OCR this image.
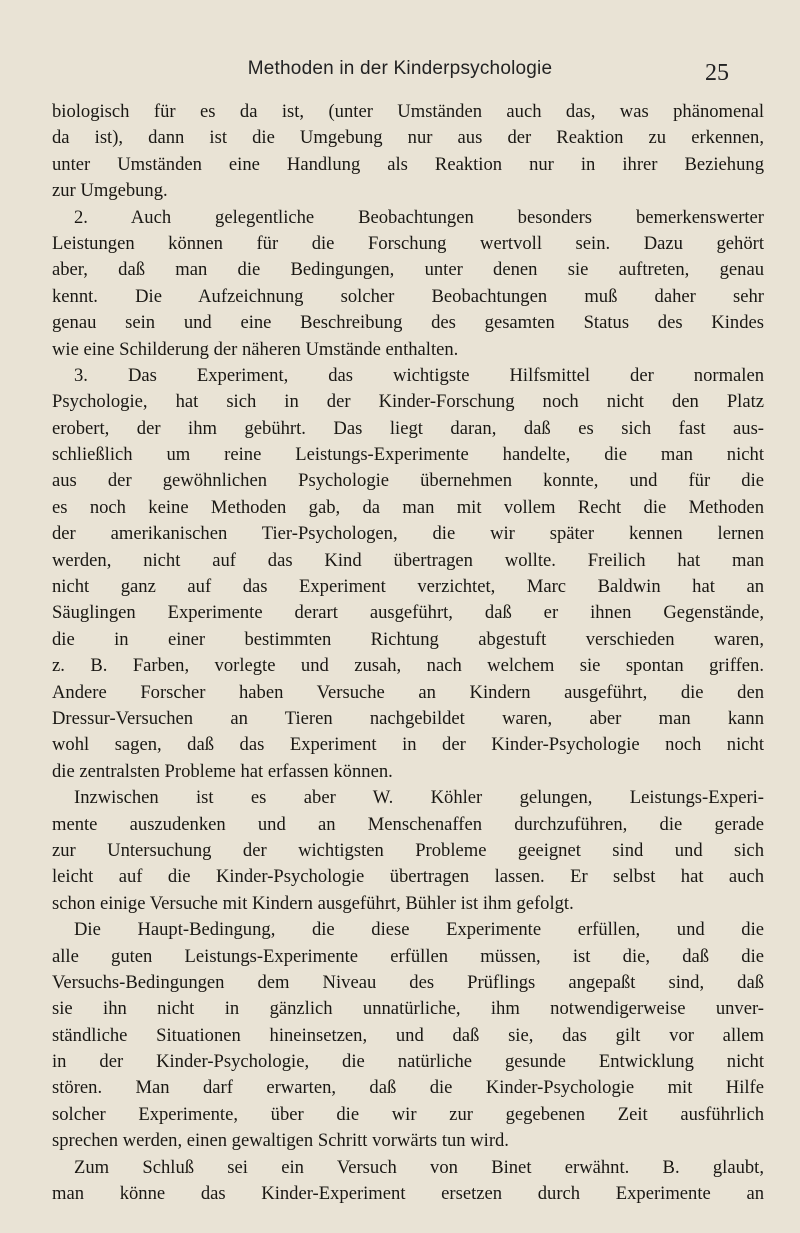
Methoden in der Kinderpsychologie	25
biologisch für es da ist, (unter Umständen auch das, was phänomenal
da ist), dann ist die Umgebung nur aus der Reaktion zu erkennen,
unter Umständen eine Handlung als Reaktion nur in ihrer Beziehung
zur Umgebung.
2. Auch gelegentliche Beobachtungen besonders bemerkenswerter
Leistungen können für die Forschung wertvoll sein. Dazu gehört
aber, daß man die Bedingungen, unter denen sie auftreten, genau
kennt. Die Aufzeichnung solcher Beobachtungen muß daher sehr
genau sein und eine Beschreibung des gesamten Status des Kindes
wie eine Schilderung der näheren Umstände enthalten.
3. Das Experiment, das wichtigste Hilfsmittel der normalen
Psychologie, hat sich in der Kinder-Forschung noch nicht den Platz
erobert, der ihm gebührt. Das liegt daran, daß es sich fast aus-
schließlich um reine Leistungs-Experimente handelte, die man nicht
aus der gewöhnlichen Psychologie übernehmen konnte, und für die
es noch keine Methoden gab, da man mit vollem Recht die Methoden
der amerikanischen Tier-Psychologen, die wir später kennen lernen
werden, nicht auf das Kind übertragen wollte. Freilich hat man
nicht ganz auf das Experiment verzichtet, Marc Baldwin hat an
Säuglingen Experimente derart ausgeführt, daß er ihnen Gegenstände,
die in einer bestimmten Richtung abgestuft verschieden waren,
z. B. Farben, vorlegte und zusah, nach welchem sie spontan griffen.
Andere Forscher haben Versuche an Kindern ausgeführt, die den
Dressur-Versuchen an Tieren nachgebildet waren, aber man kann
wohl sagen, daß das Experiment in der Kinder-Psychologie noch nicht
die zentralsten Probleme hat erfassen können.
Inzwischen ist es aber W. Köhler gelungen, Leistungs-Experi-
mente auszudenken und an Menschenaffen durchzuführen, die gerade
zur Untersuchung der wichtigsten Probleme geeignet sind und sich
leicht auf die Kinder-Psychologie übertragen lassen. Er selbst hat auch
schon einige Versuche mit Kindern ausgeführt, Bühler ist ihm gefolgt.
Die Haupt-Bedingung, die diese Experimente erfüllen, und die
alle guten Leistungs-Experimente erfüllen müssen, ist die, daß die
Versuchs-Bedingungen dem Niveau des Prüflings angepaßt sind, daß
sie ihn nicht in gänzlich unnatürliche, ihm notwendigerweise unver-
ständliche Situationen hineinsetzen, und daß sie, das gilt vor allem
in der Kinder-Psychologie, die natürliche gesunde Entwicklung nicht
stören. Man darf erwarten, daß die Kinder-Psychologie mit Hilfe
solcher Experimente, über die wir zur gegebenen Zeit ausführlich
sprechen werden, einen gewaltigen Schritt vorwärts tun wird.
Zum Schluß sei ein Versuch von Binet erwähnt. B. glaubt,
man könne das Kinder-Experiment ersetzen durch Experimente an
